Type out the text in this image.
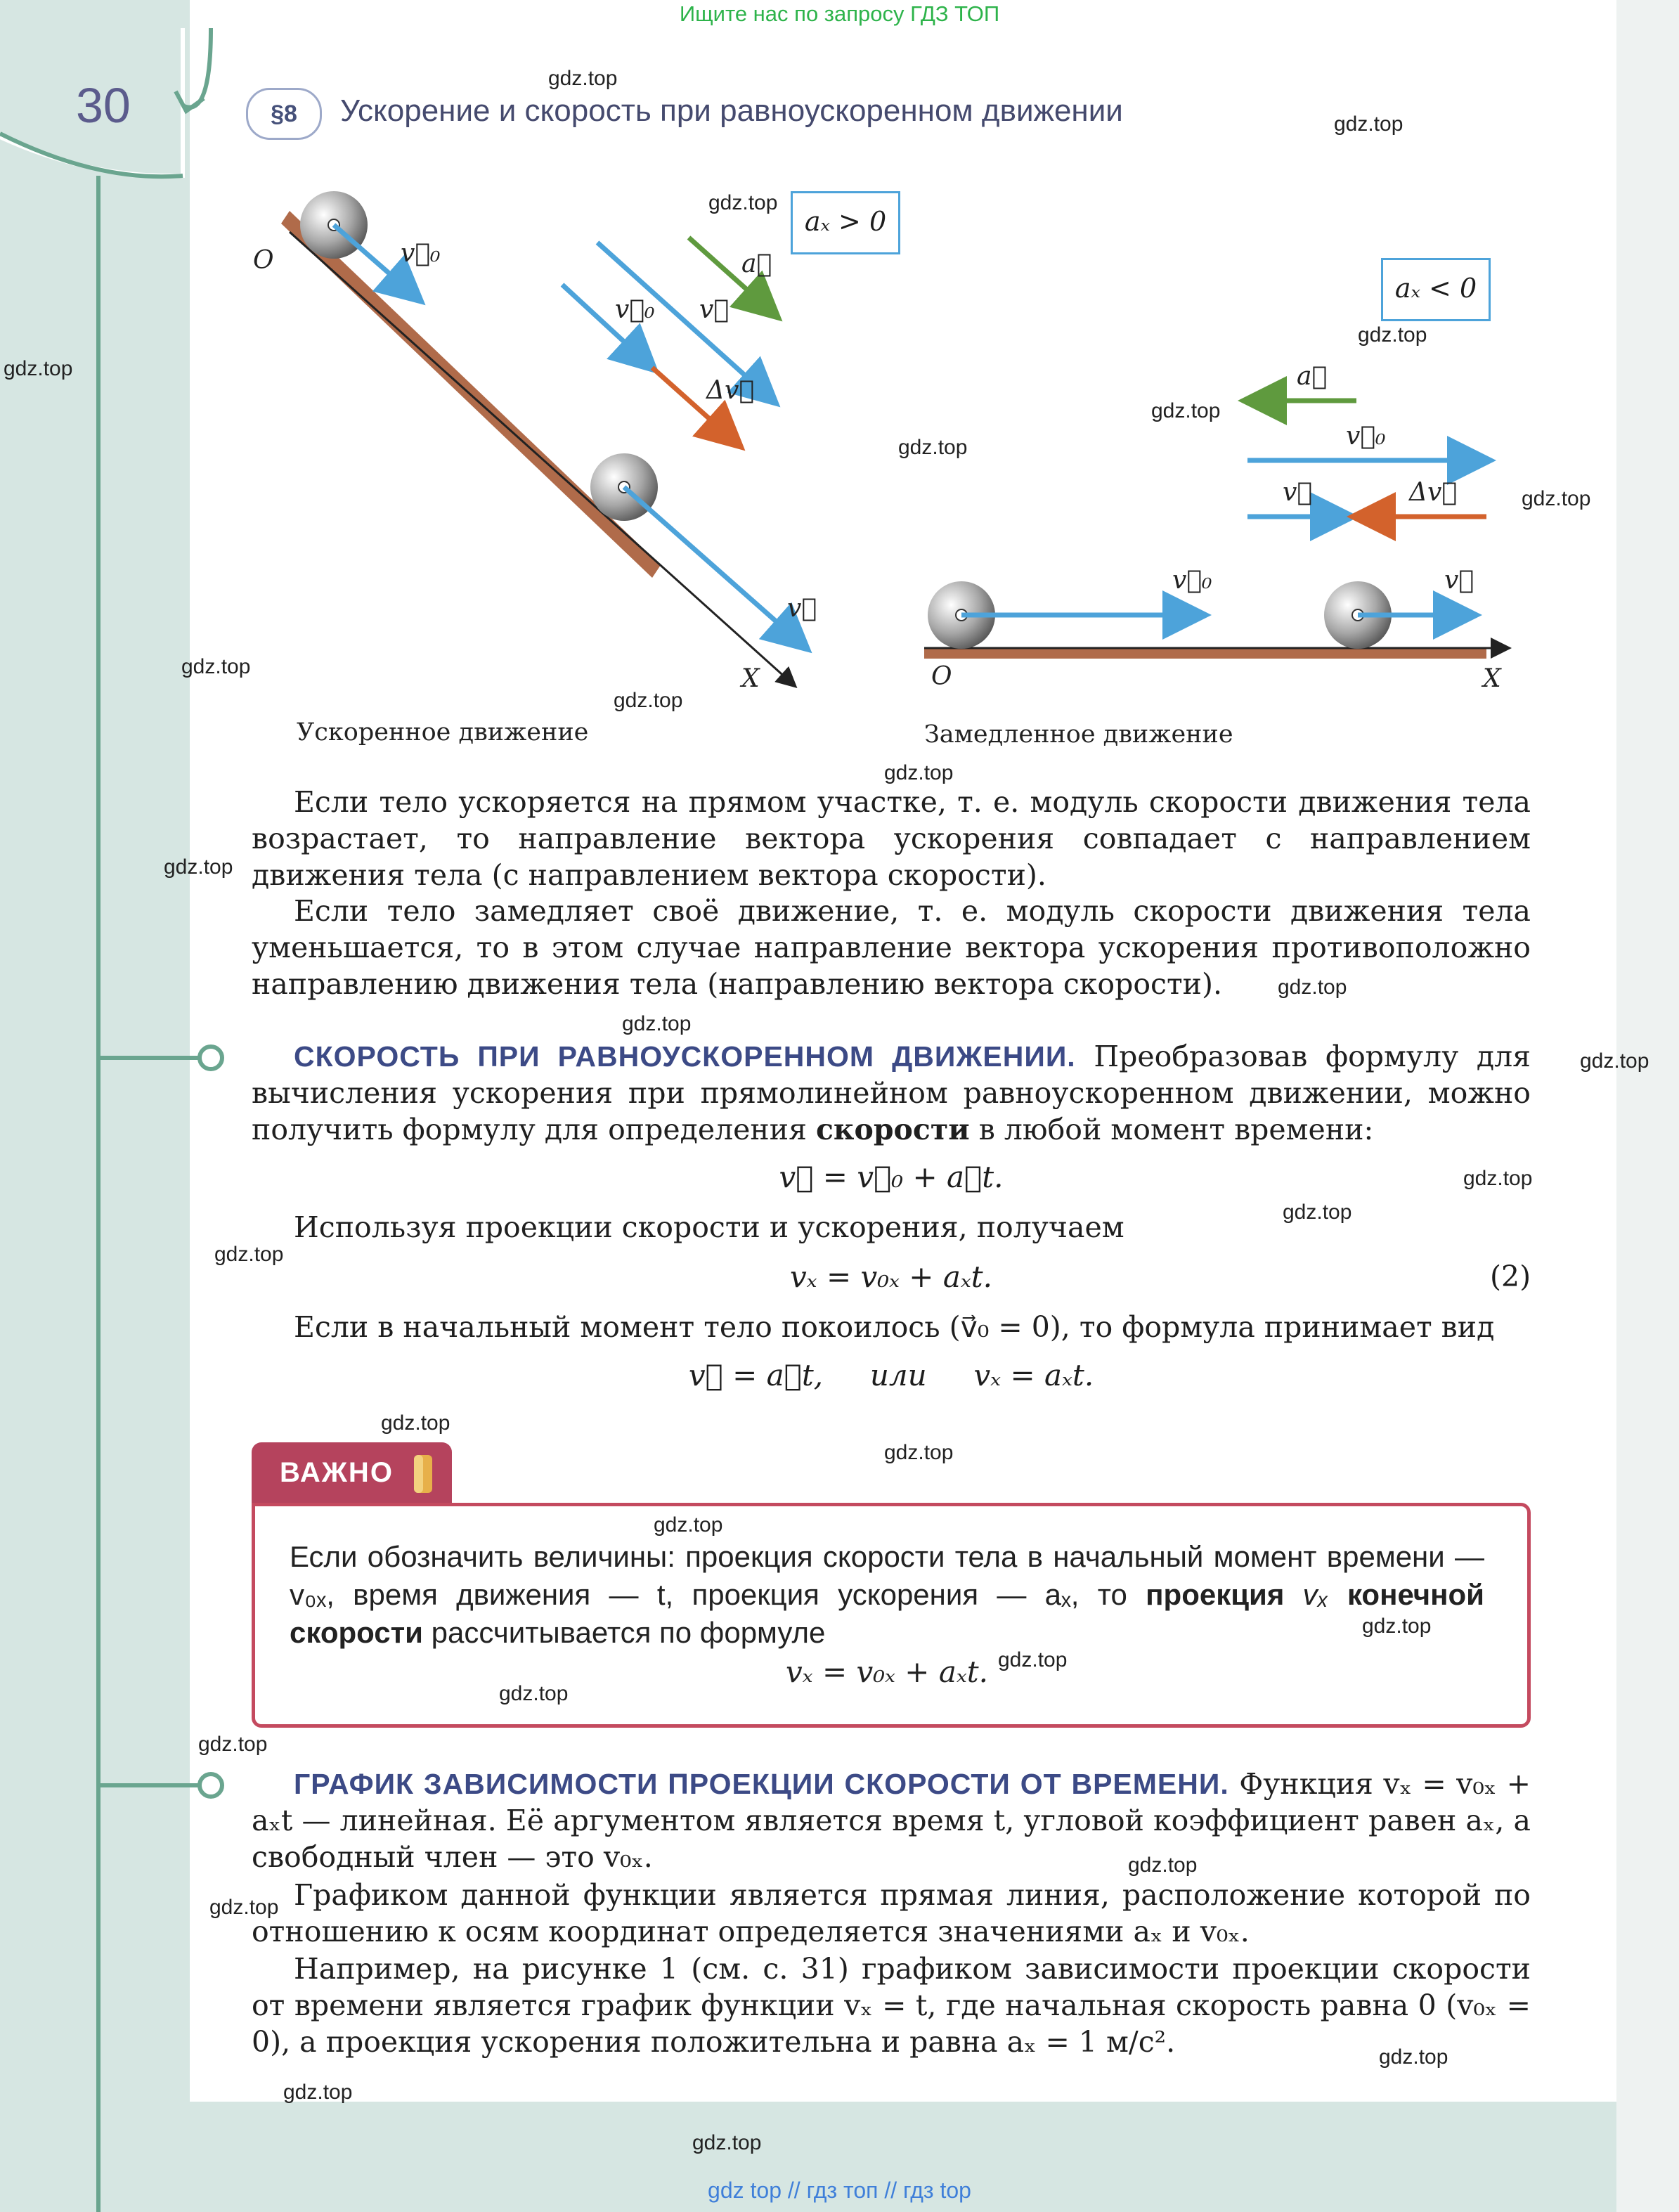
Ищите нас по запросу ГДЗ ТОП
30	§8	Ускорение и скорость при равноускоренном движении
aₓ > 0
aₓ < 0
O
X	O	X
v⃗₀
v⃗₀ v⃗
a⃗
Δv⃗
v⃗
a⃗
v⃗₀
v⃗	Δv⃗
v⃗₀	v⃗
Ускоренное движение	Замедленное движение
Если тело ускоряется на прямом участке, т. е. модуль скорости движения тела возрастает, то направление вектора ускорения совпадает с направлением движения тела (с направлением вектора скорости).
Если тело замедляет своё движение, т. е. модуль скорости движения тела уменьшается, то в этом случае направление вектора ускорения противоположно направлению движения тела (направлению вектора скорости).
СКОРОСТЬ ПРИ РАВНОУСКОРЕННОМ ДВИЖЕНИИ. Преобразовав формулу для вычисления ускорения при прямолинейном равноускоренном движении, можно получить формулу для определения скорости в любой момент времени:
v⃗ = v⃗₀ + a⃗t.
Используя проекции скорости и ускорения, получаем
vₓ = v₀ₓ + aₓt.	(2)
Если в начальный момент тело покоилось (v⃗₀ = 0), то формула принимает вид
v⃗ = a⃗t,     или     vₓ = aₓt.
ВАЖНО
Если обозначить величины: проекция скорости тела в начальный момент времени — v₀ₓ, время движения — t, проекция ускорения — aₓ, то проекция vₓ конечной скорости рассчитывается по формуле
vₓ = v₀ₓ + aₓt.
ГРАФИК ЗАВИСИМОСТИ ПРОЕКЦИИ СКОРОСТИ ОТ ВРЕМЕНИ. Функция vₓ = v₀ₓ + aₓt — линейная. Её аргументом является время t, угловой коэффициент равен aₓ, а свободный член — это v₀ₓ.
Графиком данной функции является прямая линия, расположение которой по отношению к осям координат определяется значениями aₓ и v₀ₓ.
Например, на рисунке 1 (см. с. 31) графиком зависимости проекции скорости от времени является график функции vₓ = t, где начальная скорость равна 0 (v₀ₓ = 0), а проекция ускорения положительна и равна aₓ = 1 м/с².
gdz.top
gdz.top
gdz.top
gdz.top
gdz.top
gdz.top
gdz.top
gdz.top
gdz.top
gdz.top
gdz.top
gdz.top
gdz.top
gdz.top
gdz.top
gdz.top
gdz.top
gdz.top
gdz.top
gdz.top
gdz.top
gdz.top
gdz.top
gdz.top
gdz.top
gdz.top
gdz.top
gdz.top
gdz.top
gdz.top
gdz top // гдз топ // гдз top
